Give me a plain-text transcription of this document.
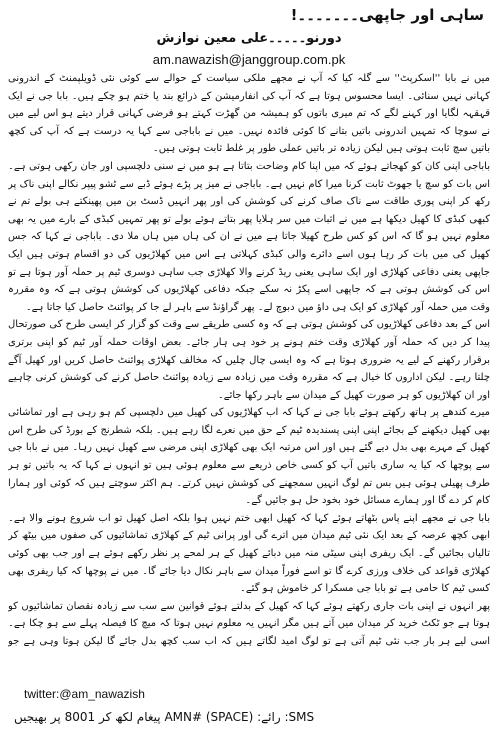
ساہی اور جاپھی۔۔۔۔۔۔۔!
دورنو۔۔۔۔۔علی معین نوازش
am.nawazish@janggroup.com.pk

میں نے بابا ''اسکرپٹ'' سے گلہ کیا کہ آپ نے مجھے ملکی سیاست کے حوالے سے کوئی نئی ڈویلپمنٹ کے اندرونی کہانی نہیں سنائی۔ ایسا محسوس ہوتا ہے کہ آپ کی انفارمیشن کے ذرائع بند یا ختم ہو چکے ہیں۔ بابا جی نے ایک قہقہہ لگایا اور کہنے لگے کہ تم میری باتوں کو ہمیشہ من گھڑت کہتے ہو فرضی کہانی قرار دیتے ہو اس لیے میں نے سوچا کہ تمہیں اندرونی باتیں بتانے کا کوئی فائدہ نہیں۔ میں نے باباجی سے کہا یہ درست ہے کہ آپ کی کچھ باتیں سچ ثابت ہوتی ہیں لیکن زیادہ تر باتیں عملی طور پر غلط ثابت ہوتی ہیں۔

باباجی اپنی کان کو کھجاتے ہوئے کہ میں اپنا کام وضاحت بتاتا ہے ہو میں نے سنی دلچسپی اور جان رکھی ہوتی ہے۔ اس بات کو سچ یا جھوٹ ثابت کرنا میرا کام نہیں ہے۔ باباجی نے میز پر پڑے ہوئے ڈبے سے ٹشو پیپر نکالے اپنی ناک پر رکھ کر اپنی پوری طاقت سے ناک صاف کرنے کی کوشش کی اور پھر انہیں ڈسٹ بن میں پھینکتے ہی بولے تم نے کبھی کبڈی کا کھیل دیکھا ہے میں نے اثبات میں سر ہلایا پھر بتاتے ہوئے بولے تو پھر تمہیں کبڈی کے بارے میں یہ بھی معلوم نہیں ہو گا کہ اس کو کس طرح کھیلا جاتا ہے میں نے ان کی ہاں میں ہاں ملا دی۔ باباجی نے کہا کہ جس کھیل کی میں بات کر رہا ہوں اسے دائرے والی کبڈی کہلاتی ہے اس میں کھلاڑیوں کی دو اقسام ہوتی ہیں ایک جاپھی یعنی دفاعی کھلاڑی اور ایک ساہی یعنی ریڈ کرنے والا کھلاڑی جب ساہی دوسری ٹیم پر حملہ آور ہوتا ہے تو اس کی کوشش ہوتی ہے کہ جاپھی اسے پکڑ نہ سکے جبکہ دفاعی کھلاڑیوں کی کوشش ہوتی ہے کہ وہ مقررہ وقت میں حملہ آور کھلاڑی کو ایک ہی داؤ میں دبوچ لے۔ پھر گراؤنڈ سے باہر لے جا کر پوائنٹ حاصل کیا جاتا ہے۔

اس کے بعد دفاعی کھلاڑیوں کی کوشش ہوتی ہے کہ وہ کسی طریقے سے وقت کو گزار کر ایسی طرح کی صورتحال پیدا کر دیں کہ حملہ آور کھلاڑی وقت ختم ہونے پر خود ہی ہار جائے۔ بعض اوقات حملہ آور ٹیم کو اپنی برتری برقرار رکھنے کے لیے یہ ضروری ہوتا ہے کہ وہ ایسی چال چلیں کہ مخالف کھلاڑی پوائنٹ حاصل کریں اور کھیل آگے چلتا رہے۔ لیکن اداروں کا خیال ہے کہ مقررہ وقت میں زیادہ سے زیادہ پوائنٹ حاصل کرنے کی کوشش کرنی چاہیے اور ان کھلاڑیوں کو ہر صورت کھیل کے میدان سے باہر رکھا جائے۔

میرے کندھے پر ہاتھ رکھتے ہوئے بابا جی نے کہا کہ اب کھلاڑیوں کی کھیل میں دلچسپی کم ہو رہی ہے اور تماشائی بھی کھیل دیکھنے کے بجائے اپنی اپنی پسندیدہ ٹیم کے حق میں نعرے لگا رہے ہیں۔ بلکہ شطرنج کے بورڈ کی طرح اس کھیل کے مہرے بھی بدل دیے گئے ہیں اور اس مرتبہ ایک بھی کھلاڑی اپنی مرضی سے کھیل نہیں رہا۔ میں نے بابا جی سے پوچھا کہ کیا یہ ساری باتیں آپ کو کسی خاص ذریعے سے معلوم ہوئی ہیں تو انہوں نے کہا کہ یہ باتیں تو ہر طرف پھیلی ہوئی ہیں بس تم لوگ انہیں سمجھنے کی کوشش نہیں کرتے۔ ہم اکثر سوچتے ہیں کہ کوئی اور ہمارا کام کر دے گا اور ہمارے مسائل خود بخود حل ہو جائیں گے۔

بابا جی نے مجھے اپنے پاس بٹھاتے ہوئے کہا کہ کھیل ابھی ختم نہیں ہوا بلکہ اصل کھیل تو اب شروع ہونے والا ہے۔ ابھی کچھ عرصہ کے بعد ایک نئی ٹیم میدان میں اترے گی اور پرانی ٹیم کے کھلاڑی تماشائیوں کی صفوں میں بیٹھ کر تالیاں بجائیں گے۔ ایک ریفری اپنی سیٹی منہ میں دبائے کھیل کے ہر لمحے پر نظر رکھے ہوئے ہے اور جب بھی کوئی کھلاڑی قواعد کی خلاف ورزی کرے گا تو اسے فوراً میدان سے باہر نکال دیا جائے گا۔ میں نے پوچھا کہ کیا ریفری بھی کسی ٹیم کا حامی ہے تو بابا جی مسکرا کر خاموش ہو گئے۔

پھر انہوں نے اپنی بات جاری رکھتے ہوئے کہا کہ کھیل کے بدلتے ہوئے قوانین سے سب سے زیادہ نقصان تماشائیوں کو ہوتا ہے جو ٹکٹ خرید کر میدان میں آتے ہیں مگر انہیں یہ معلوم نہیں ہوتا کہ میچ کا فیصلہ پہلے سے ہو چکا ہے۔ اسی لیے ہر بار جب نئی ٹیم آتی ہے تو لوگ امید لگاتے ہیں کہ اب سب کچھ بدل جائے گا لیکن ہوتا وہی ہے جو

twitter:@am_nawazish
SMS: رائے: AMN# (SPACE) پیغام لکھ کر 8001 پر بھیجیں
